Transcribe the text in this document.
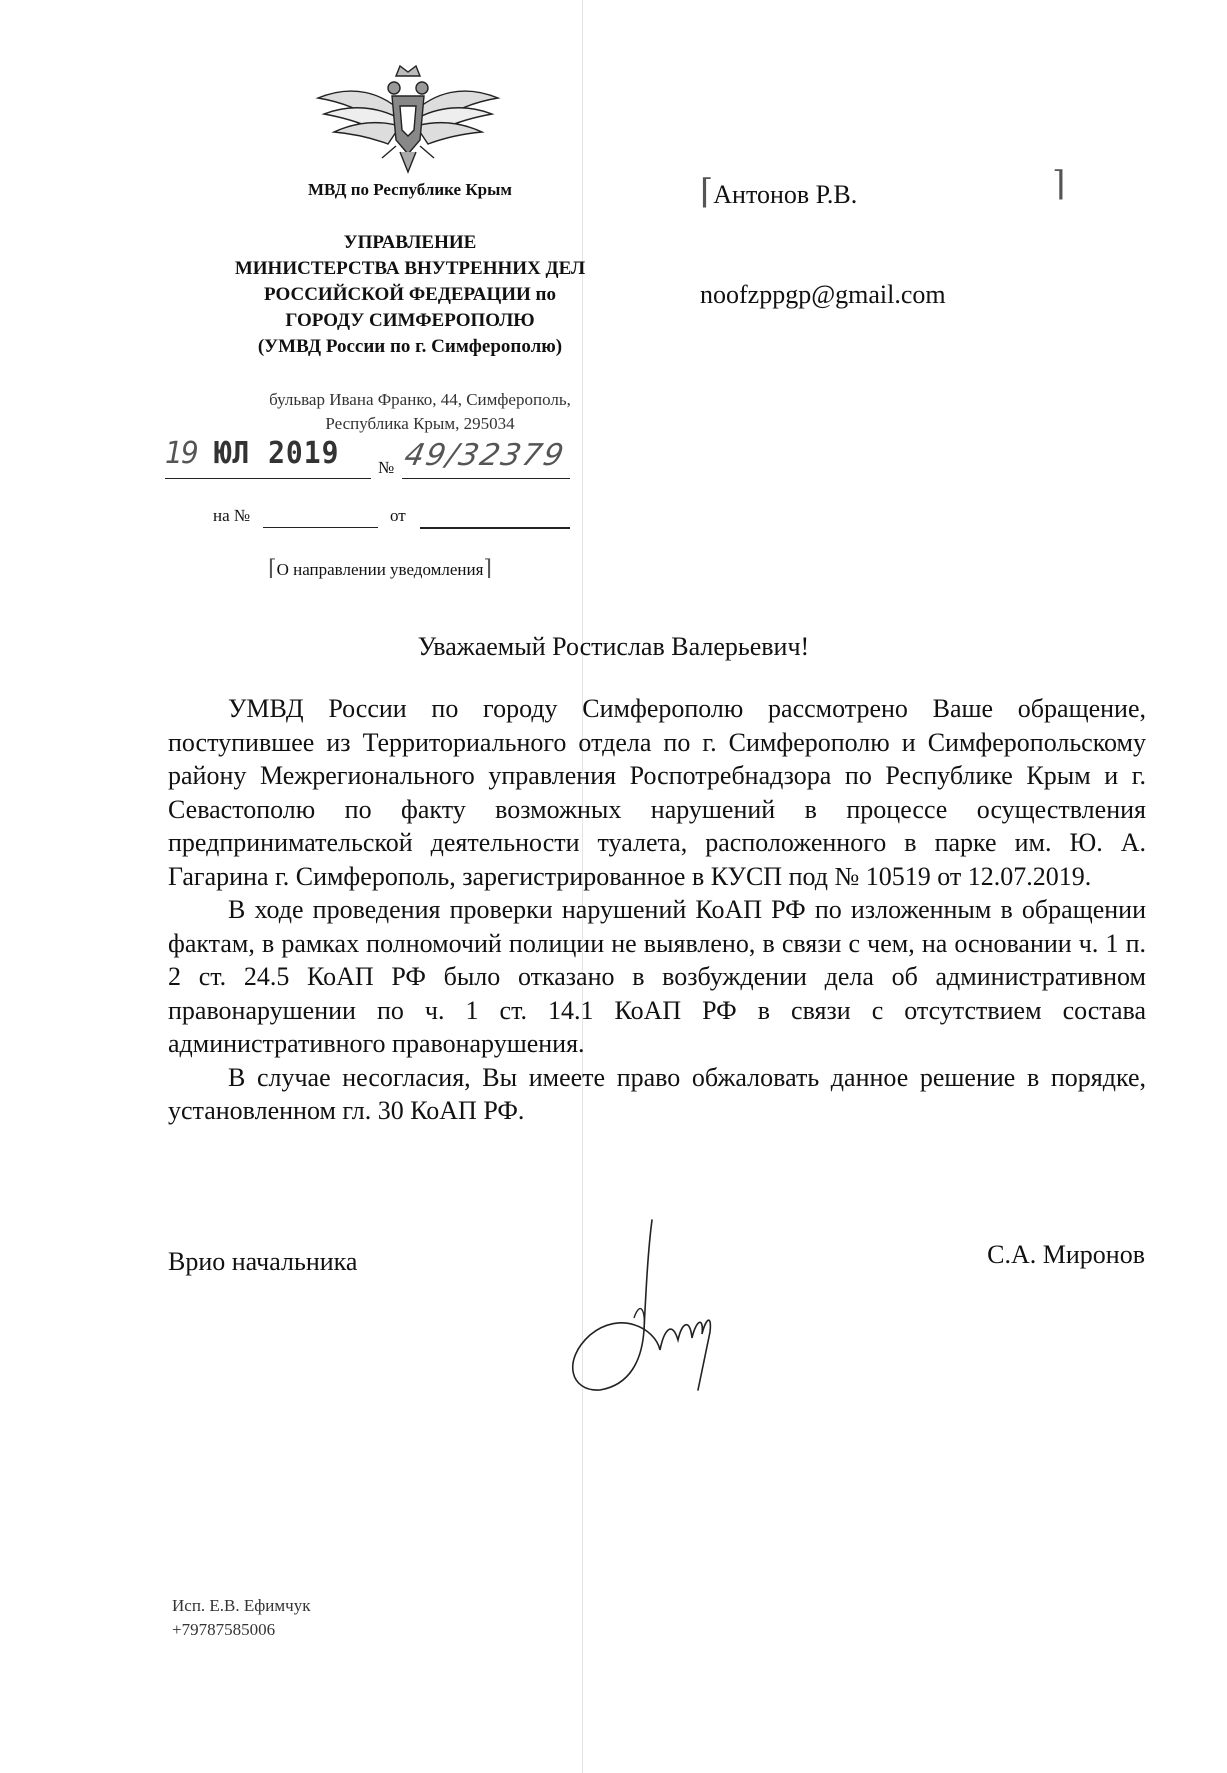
МВД по Республике Крым
УПРАВЛЕНИЕ
МИНИСТЕРСТВА ВНУТРЕННИХ ДЕЛ
РОССИЙСКОЙ ФЕДЕРАЦИИ по
ГОРОДУ СИМФЕРОПОЛЮ
(УМВД России по г. Симферополю)
бульвар Ивана Франко, 44, Симферополь,
Республика Крым, 295034
19 ЮЛ 2019 № 49/32379
на №	от
⌈О направлении уведомления⌉
⌈Антонов Р.В.	⌉
noofzppgp@gmail.com
Уважаемый Ростислав Валерьевич!

УМВД России по городу Симферополю рассмотрено Ваше обращение, поступившее из Территориального отдела по г. Симферополю и Симферопольскому району Межрегионального управления Роспотребнадзора по Республике Крым и г. Севастополю по факту возможных нарушений в процессе осуществления предпринимательской деятельности туалета, расположенного в парке им. Ю. А. Гагарина г. Симферополь, зарегистрированное в КУСП под № 10519 от 12.07.2019.

В ходе проведения проверки нарушений КоАП РФ по изложенным в обращении фактам, в рамках полномочий полиции не выявлено, в связи с чем, на основании ч. 1 п. 2 ст. 24.5 КоАП РФ было отказано в возбуждении дела об административном правонарушении по ч. 1 ст. 14.1 КоАП РФ в связи с отсутствием состава административного правонарушения.

В случае несогласия, Вы имеете право обжаловать данное решение в порядке, установленном гл. 30 КоАП РФ.

Врио начальника	С.А. Миронов
Исп. Е.В. Ефимчук
+79787585006
